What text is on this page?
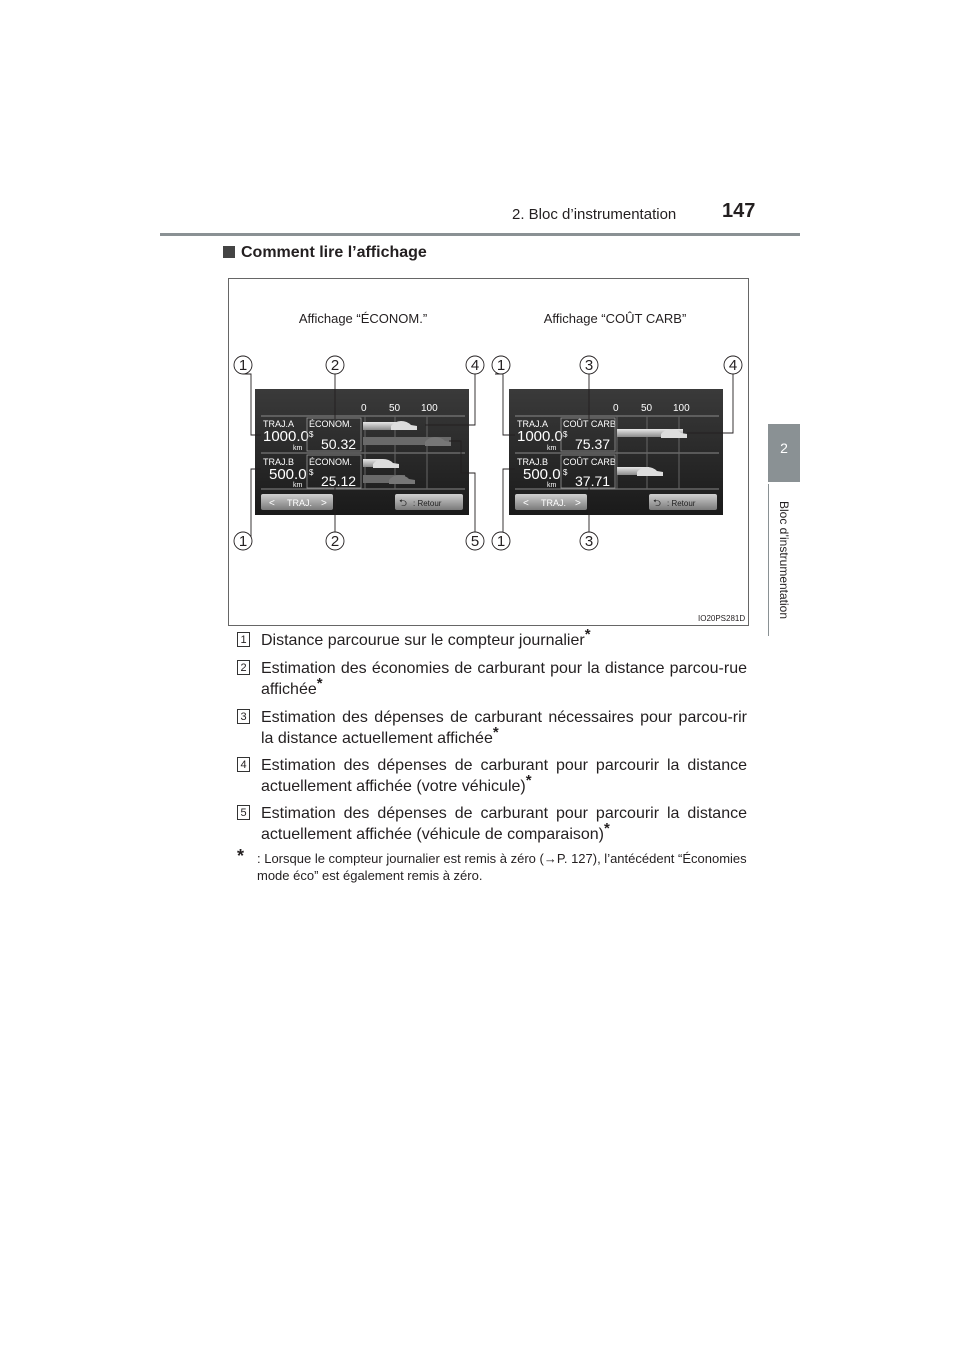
2. Bloc d’instrumentation 147
2
Bloc d’instrumentation
Comment lire l’affichage
Affichage “ÉCONOM.”	Affichage “COÛT CARB”
0 50 100
TRAJ.A
1000.0
km
ÉCONOM.
$
50.32
TRAJ.B
500.0
km
ÉCONOM.
$
25.12
< TRAJ. >	⮌ : Retour
0 50 100
TRAJ.A
1000.0
km
COÛT CARB
$
75.37
TRAJ.B
500.0
km
COÛT CARB
$
37.71
< TRAJ. >	⮌ : Retour
1	2	4 1	3	4
1	2	5 1	3
IO20PS281D
1 Distance parcourue sur le compteur journalier*
2 Estimation des économies de carburant pour la distance parcou-rue affichée*
3 Estimation des dépenses de carburant nécessaires pour parcou-rir la distance actuellement affichée*
4 Estimation des dépenses de carburant pour parcourir la distance actuellement affichée (votre véhicule)*
5 Estimation des dépenses de carburant pour parcourir la distance actuellement affichée (véhicule de comparaison)*
* : Lorsque le compteur journalier est remis à zéro (→P. 127), l’antécédent “Économies mode éco” est également remis à zéro.
